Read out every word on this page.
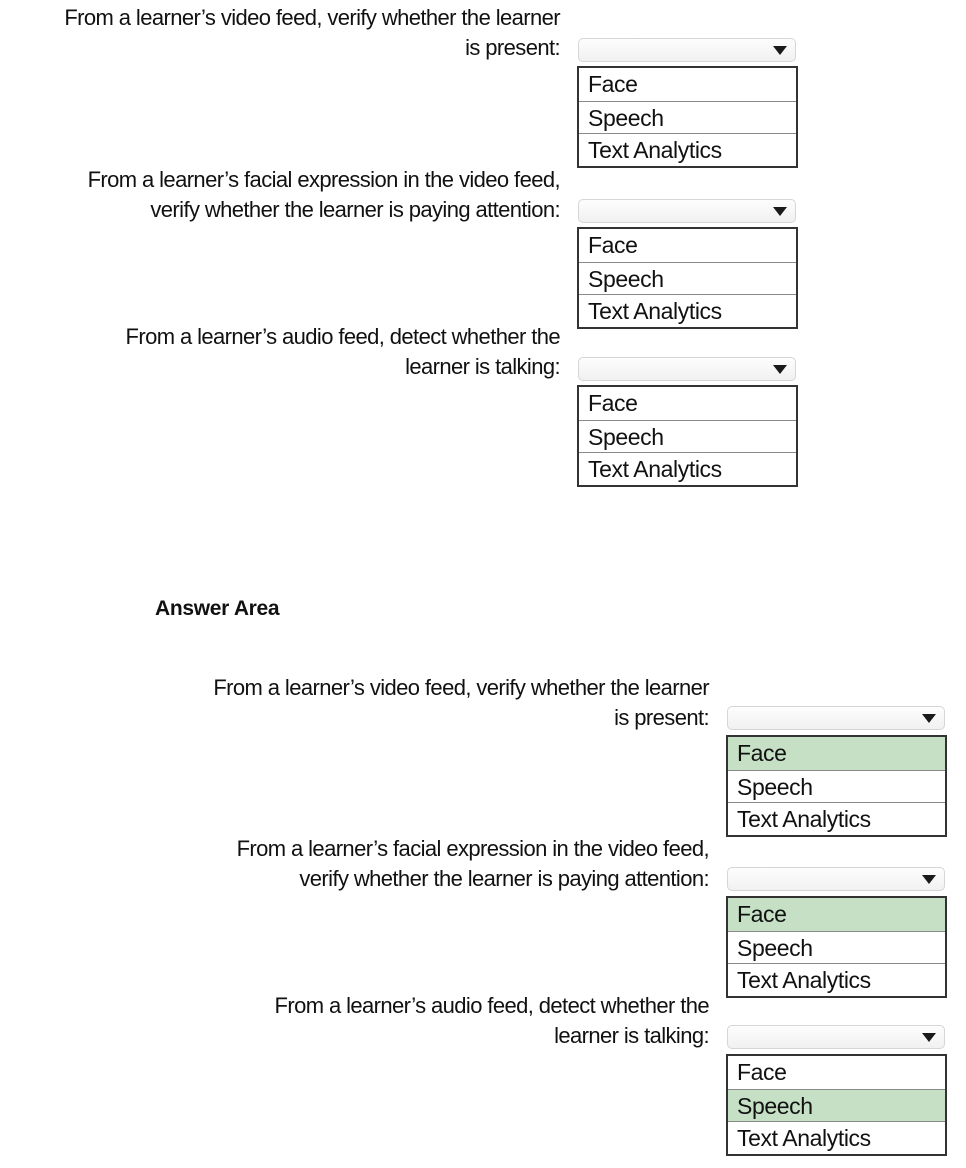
From a learner’s video feed, verify whether the learner
is present:
Face
Speech
Text Analytics
From a learner’s facial expression in the video feed,
verify whether the learner is paying attention:
Face
Speech
Text Analytics
From a learner’s audio feed, detect whether the
learner is talking:
Face
Speech
Text Analytics
Answer Area
From a learner’s video feed, verify whether the learner
is present:
Face
Speech
Text Analytics
From a learner’s facial expression in the video feed,
verify whether the learner is paying attention:
Face
Speech
Text Analytics
From a learner’s audio feed, detect whether the
learner is talking:
Face
Speech
Text Analytics
